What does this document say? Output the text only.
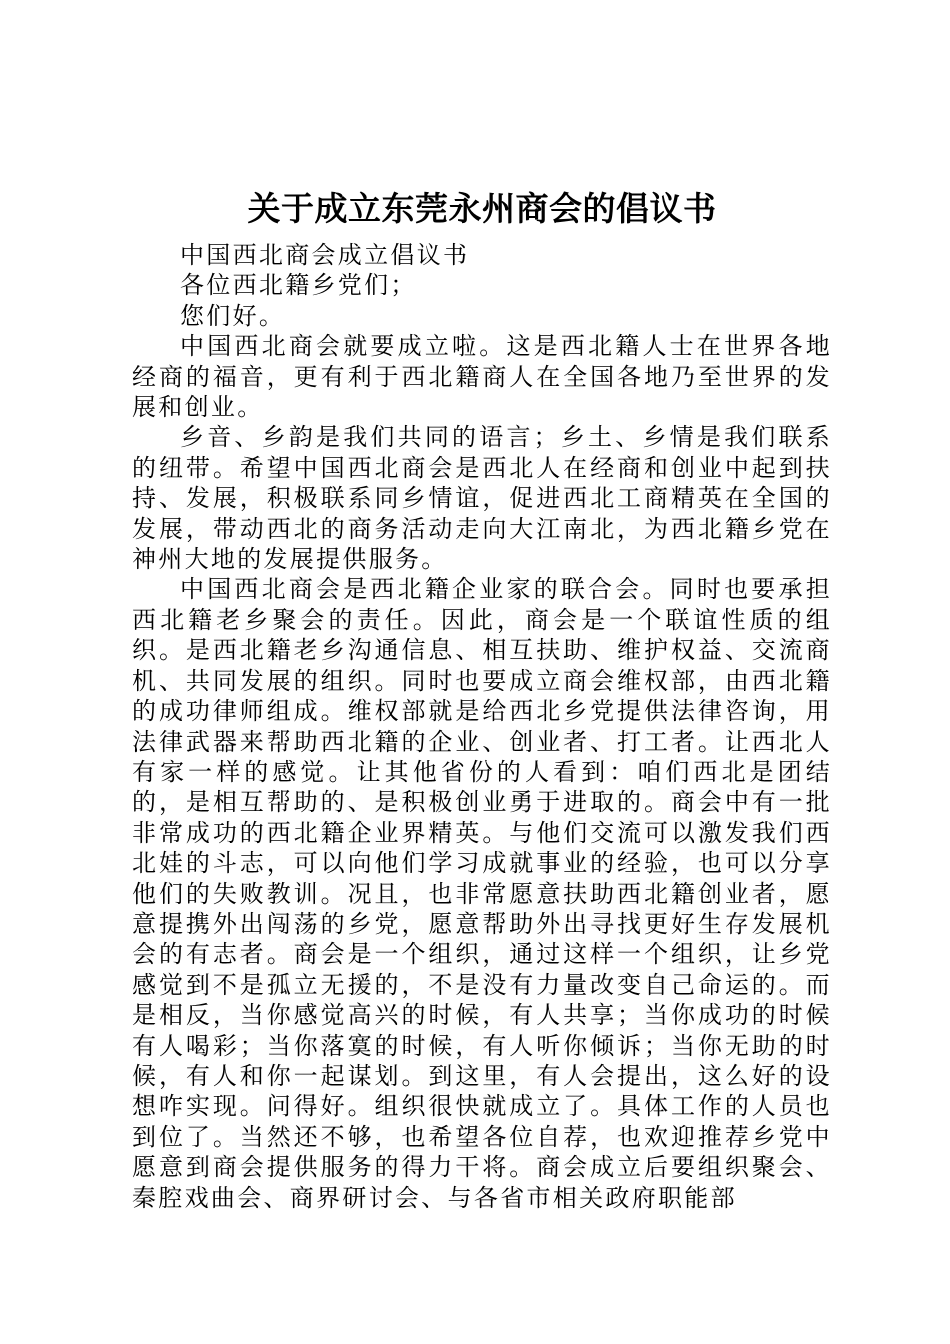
关于成立东莞永州商会的倡议书

中国西北商会成立倡议书

各位西北籍乡党们；

您们好。

中国西北商会就要成立啦。这是西北籍人士在世界各地经商的福音，更有利于西北籍商人在全国各地乃至世界的发展和创业。

乡音、乡韵是我们共同的语言；乡土、乡情是我们联系的纽带。希望中国西北商会是西北人在经商和创业中起到扶持、发展，积极联系同乡情谊，促进西北工商精英在全国的发展，带动西北的商务活动走向大江南北，为西北籍乡党在神州大地的发展提供服务。

中国西北商会是西北籍企业家的联合会。同时也要承担西北籍老乡聚会的责任。因此，商会是一个联谊性质的组织。是西北籍老乡沟通信息、相互扶助、维护权益、交流商机、共同发展的组织。同时也要成立商会维权部，由西北籍的成功律师组成。维权部就是给西北乡党提供法律咨询，用法律武器来帮助西北籍的企业、创业者、打工者。让西北人有家一样的感觉。让其他省份的人看到：咱们西北是团结的，是相互帮助的、是积极创业勇于进取的。商会中有一批非常成功的西北籍企业界精英。与他们交流可以激发我们西北娃的斗志，可以向他们学习成就事业的经验，也可以分享他们的失败教训。况且，也非常愿意扶助西北籍创业者，愿意提携外出闯荡的乡党，愿意帮助外出寻找更好生存发展机会的有志者。商会是一个组织，通过这样一个组织，让乡党感觉到不是孤立无援的，不是没有力量改变自己命运的。而是相反，当你感觉高兴的时候，有人共享；当你成功的时候有人喝彩；当你落寞的时候，有人听你倾诉；当你无助的时候，有人和你一起谋划。到这里，有人会提出，这么好的设想咋实现。问得好。组织很快就成立了。具体工作的人员也到位了。当然还不够，也希望各位自荐，也欢迎推荐乡党中愿意到商会提供服务的得力干将。商会成立后要组织聚会、秦腔戏曲会、商界研讨会、与各省市相关政府职能部
